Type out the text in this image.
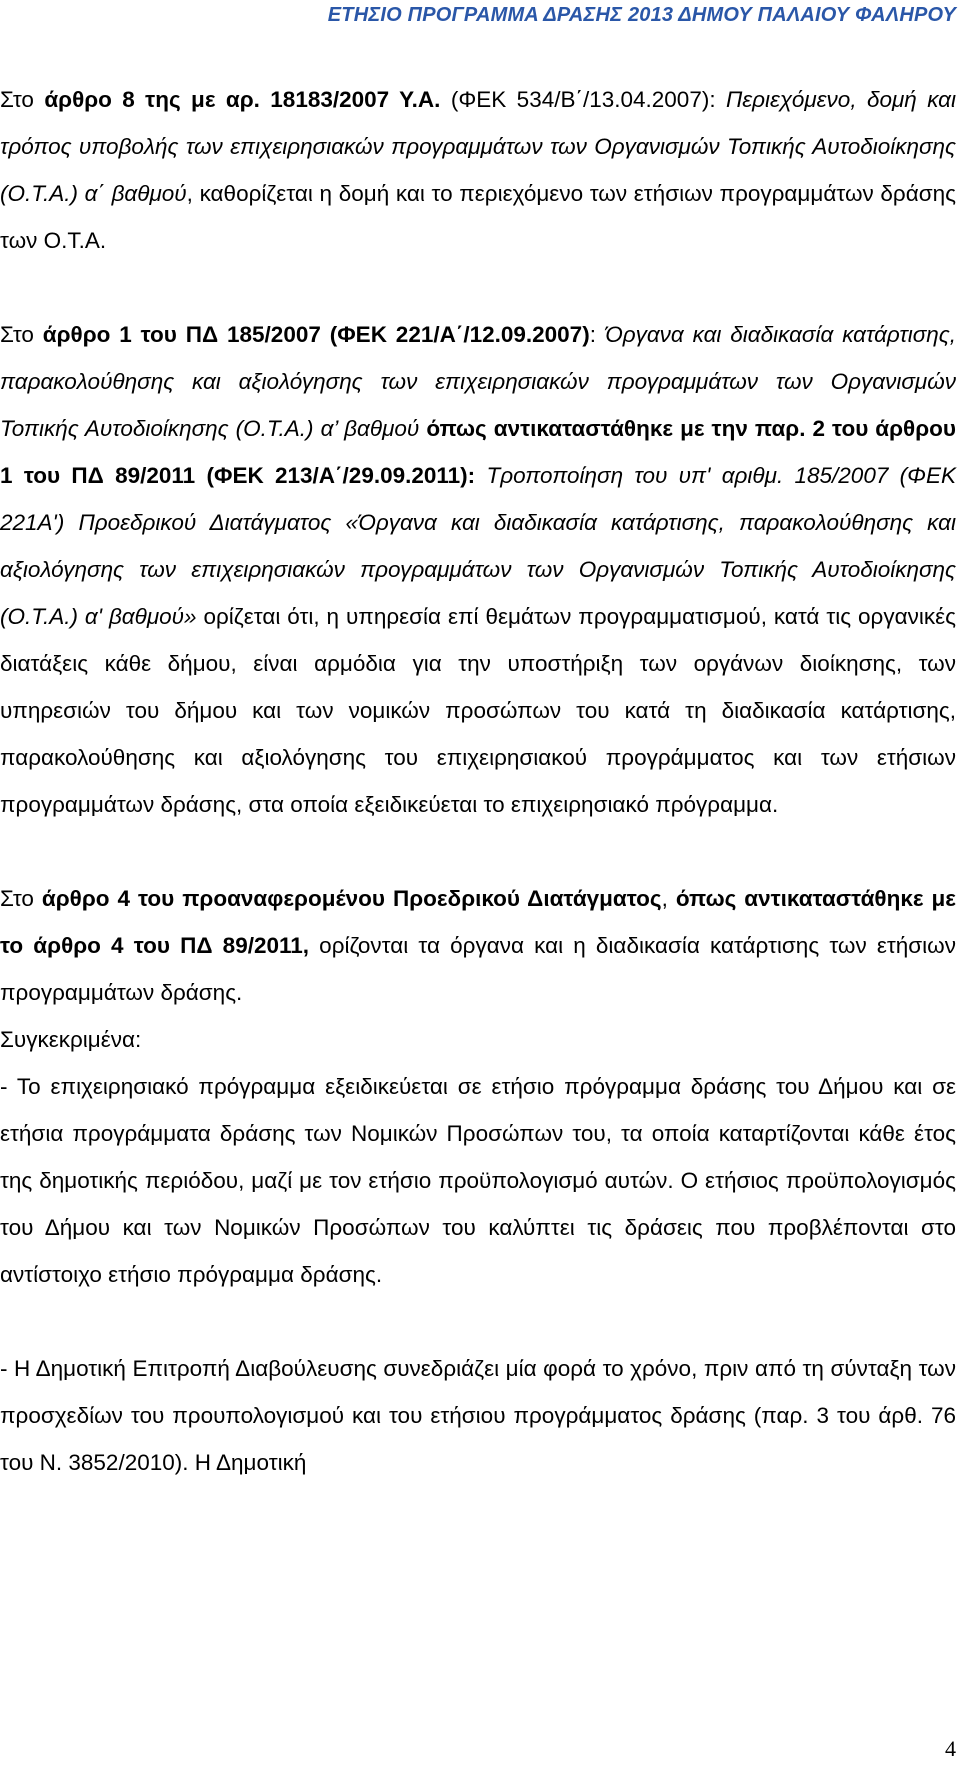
ΕΤΗΣΙΟ ΠΡΟΓΡΑΜΜΑ ΔΡΑΣΗΣ 2013 ΔΗΜΟΥ ΠΑΛΑΙΟΥ ΦΑΛΗΡΟΥ

Στο άρθρο 8 της με αρ. 18183/2007 Υ.Α. (ΦΕΚ 534/Β΄/13.04.2007): Περιεχόμενο, δομή και τρόπος υποβολής των επιχειρησιακών προγραμμάτων των Οργανισμών Τοπικής Αυτοδιοίκησης (Ο.Τ.Α.) α΄ βαθμού, καθορίζεται η δομή και το περιεχόμενο των ετήσιων προγραμμάτων δράσης των Ο.Τ.Α.

Στο άρθρο 1 του ΠΔ 185/2007 (ΦΕΚ 221/Α΄/12.09.2007): Όργανα και διαδικασία κατάρτισης, παρακολούθησης και αξιολόγησης των επιχειρησιακών προγραμμάτων των Οργανισμών Τοπικής Αυτοδιοίκησης (Ο.Τ.Α.) α’ βαθμού όπως αντικαταστάθηκε με την παρ. 2 του άρθρου 1 του ΠΔ 89/2011 (ΦΕΚ 213/Α΄/29.09.2011): Τροποποίηση του υπ' αριθμ. 185/2007 (ΦΕΚ 221Α') Προεδρικού Διατάγματος «Όργανα και διαδικασία κατάρτισης, παρακολούθησης και αξιολόγησης των επιχειρησιακών προγραμμάτων των Οργανισμών Τοπικής Αυτοδιοίκησης (Ο.Τ.Α.) α' βαθμού» ορίζεται ότι, η υπηρεσία επί θεμάτων προγραμματισμού, κατά τις οργανικές διατάξεις κάθε δήμου, είναι αρμόδια για την υποστήριξη των οργάνων διοίκησης, των υπηρεσιών του δήμου και των νομικών προσώπων του κατά τη διαδικασία κατάρτισης, παρακολούθησης και αξιολόγησης του επιχειρησιακού προγράμματος και των ετήσιων προγραμμάτων δράσης, στα οποία εξειδικεύεται το επιχειρησιακό πρόγραμμα.

Στο άρθρο 4 του προαναφερομένου Προεδρικού Διατάγματος, όπως αντικαταστάθηκε με το άρθρο 4 του ΠΔ 89/2011, ορίζονται τα όργανα και η διαδικασία κατάρτισης των ετήσιων προγραμμάτων δράσης.

Συγκεκριμένα:

- Το επιχειρησιακό πρόγραμμα εξειδικεύεται σε ετήσιο πρόγραμμα δράσης του Δήμου και σε ετήσια προγράμματα δράσης των Νομικών Προσώπων του, τα οποία καταρτίζονται κάθε έτος της δημοτικής περιόδου, μαζί με τον ετήσιο προϋπολογισμό αυτών. Ο ετήσιος προϋπολογισμός του Δήμου και των Νομικών Προσώπων του καλύπτει τις δράσεις που προβλέπονται στο αντίστοιχο ετήσιο πρόγραμμα δράσης.

- Η Δημοτική Επιτροπή Διαβούλευσης συνεδριάζει μία φορά το χρόνο, πριν από τη σύνταξη των προσχεδίων του προυπολογισμού και του ετήσιου προγράμματος δράσης (παρ. 3 του άρθ. 76 του Ν. 3852/2010). Η Δημοτική

4
